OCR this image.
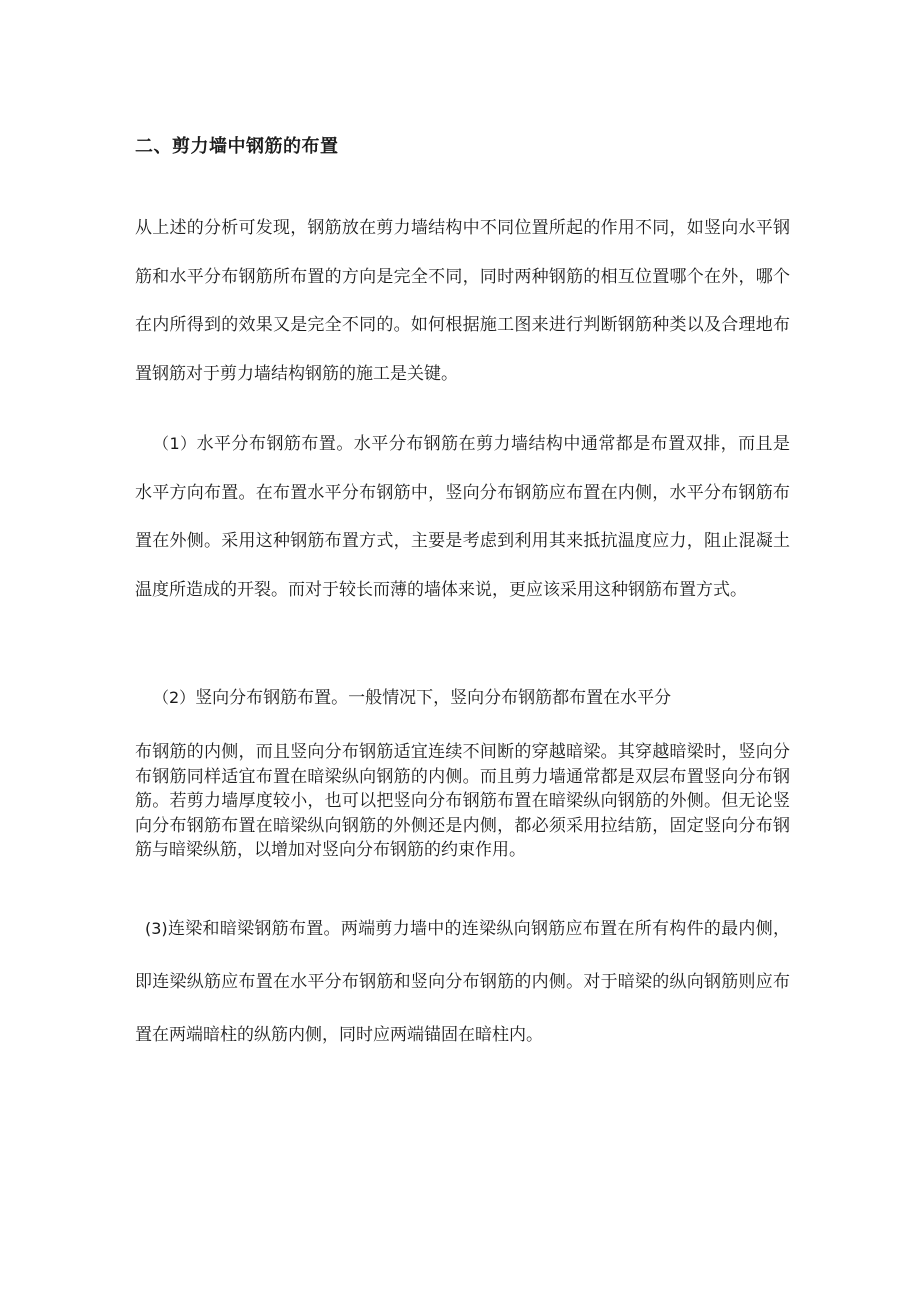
二、剪力墙中钢筋的布置

从上述的分析可发现，钢筋放在剪力墙结构中不同位置所起的作用不同，如竖向水平钢筋和水平分布钢筋所布置的方向是完全不同，同时两种钢筋的相互位置哪个在外，哪个在内所得到的效果又是完全不同的。如何根据施工图来进行判断钢筋种类以及合理地布置钢筋对于剪力墙结构钢筋的施工是关键。

（1）水平分布钢筋布置。水平分布钢筋在剪力墙结构中通常都是布置双排，而且是水平方向布置。在布置水平分布钢筋中，竖向分布钢筋应布置在内侧，水平分布钢筋布置在外侧。采用这种钢筋布置方式，主要是考虑到利用其来抵抗温度应力，阻止混凝土温度所造成的开裂。而对于较长而薄的墙体来说，更应该采用这种钢筋布置方式。

（2）竖向分布钢筋布置。一般情况下，竖向分布钢筋都布置在水平分

布钢筋的内侧，而且竖向分布钢筋适宜连续不间断的穿越暗梁。其穿越暗梁时，竖向分布钢筋同样适宜布置在暗梁纵向钢筋的内侧。而且剪力墙通常都是双层布置竖向分布钢筋。若剪力墙厚度较小，也可以把竖向分布钢筋布置在暗梁纵向钢筋的外侧。但无论竖向分布钢筋布置在暗梁纵向钢筋的外侧还是内侧，都必须采用拉结筋，固定竖向分布钢筋与暗梁纵筋，以增加对竖向分布钢筋的约束作用。

(3)连梁和暗梁钢筋布置。两端剪力墙中的连梁纵向钢筋应布置在所有构件的最内侧，即连梁纵筋应布置在水平分布钢筋和竖向分布钢筋的内侧。对于暗梁的纵向钢筋则应布置在两端暗柱的纵筋内侧，同时应两端锚固在暗柱内。
